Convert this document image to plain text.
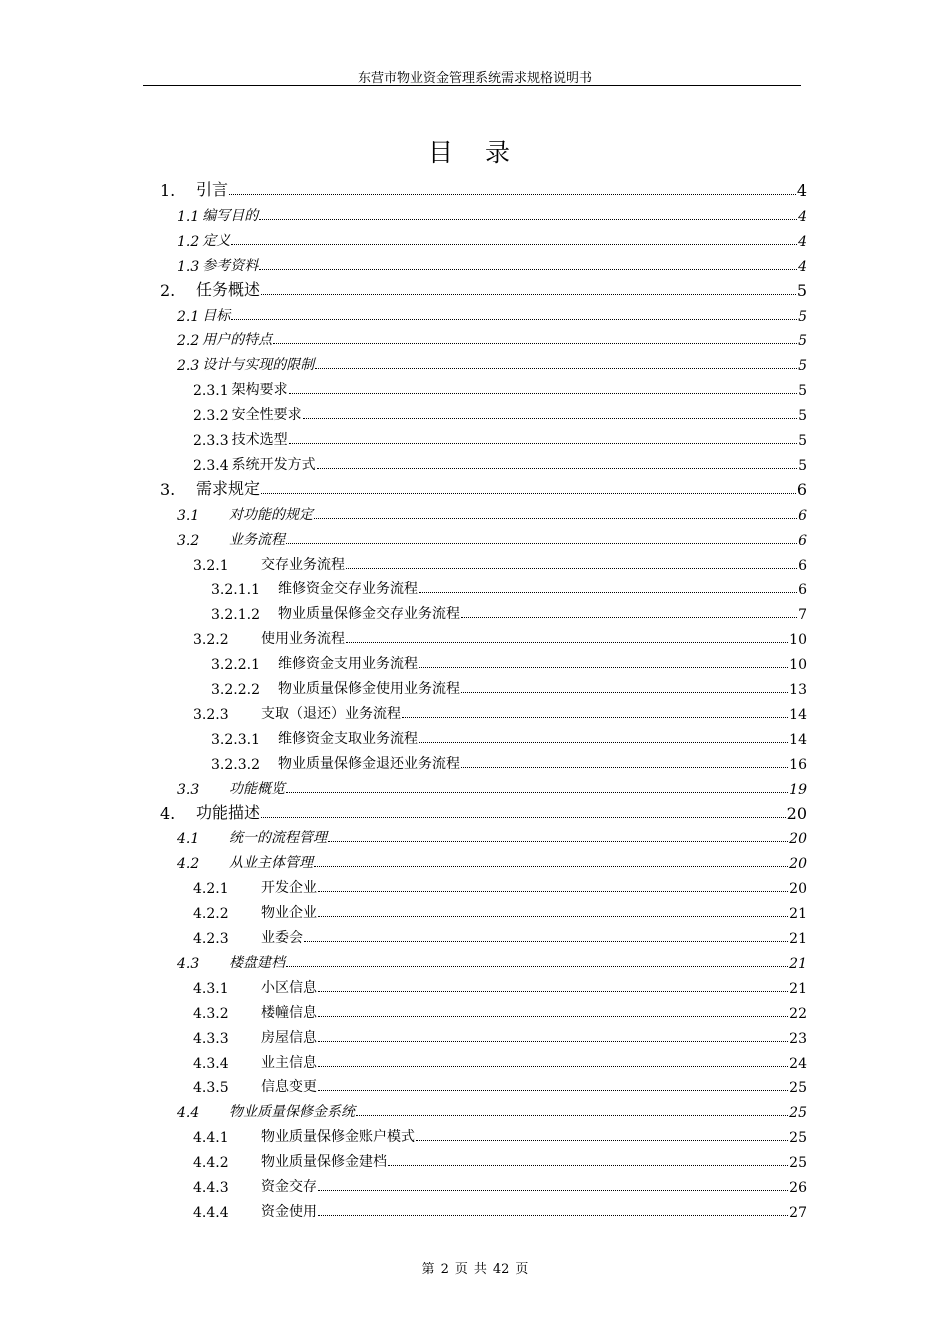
东营市物业资金管理系统需求规格说明书
目 录
1.	引言	4
1.1 编写目的	4
1.2 定义	4
1.3 参考资料	4
2.	任务概述	5
2.1 目标	5
2.2 用户的特点	5
2.3 设计与实现的限制	5
2.3.1 架构要求	5
2.3.2 安全性要求	5
2.3.3 技术选型	5
2.3.4 系统开发方式	5
3.	需求规定	6
3.1	对功能的规定	6
3.2	业务流程	6
3.2.1	交存业务流程	6
3.2.1.1	维修资金交存业务流程	6
3.2.1.2	物业质量保修金交存业务流程	7
3.2.2	使用业务流程	10
3.2.2.1	维修资金支用业务流程	10
3.2.2.2	物业质量保修金使用业务流程	13
3.2.3	支取（退还）业务流程	14
3.2.3.1	维修资金支取业务流程	14
3.2.3.2	物业质量保修金退还业务流程	16
3.3	功能概览	19
4.	功能描述	20
4.1	统一的流程管理	20
4.2	从业主体管理	20
4.2.1	开发企业	20
4.2.2	物业企业	21
4.2.3	业委会	21
4.3	楼盘建档	21
4.3.1	小区信息	21
4.3.2	楼幢信息	22
4.3.3	房屋信息	23
4.3.4	业主信息	24
4.3.5	信息变更	25
4.4	物业质量保修金系统	25
4.4.1	物业质量保修金账户模式	25
4.4.2	物业质量保修金建档	25
4.4.3	资金交存	26
4.4.4	资金使用	27
第 2 页 共 42 页
